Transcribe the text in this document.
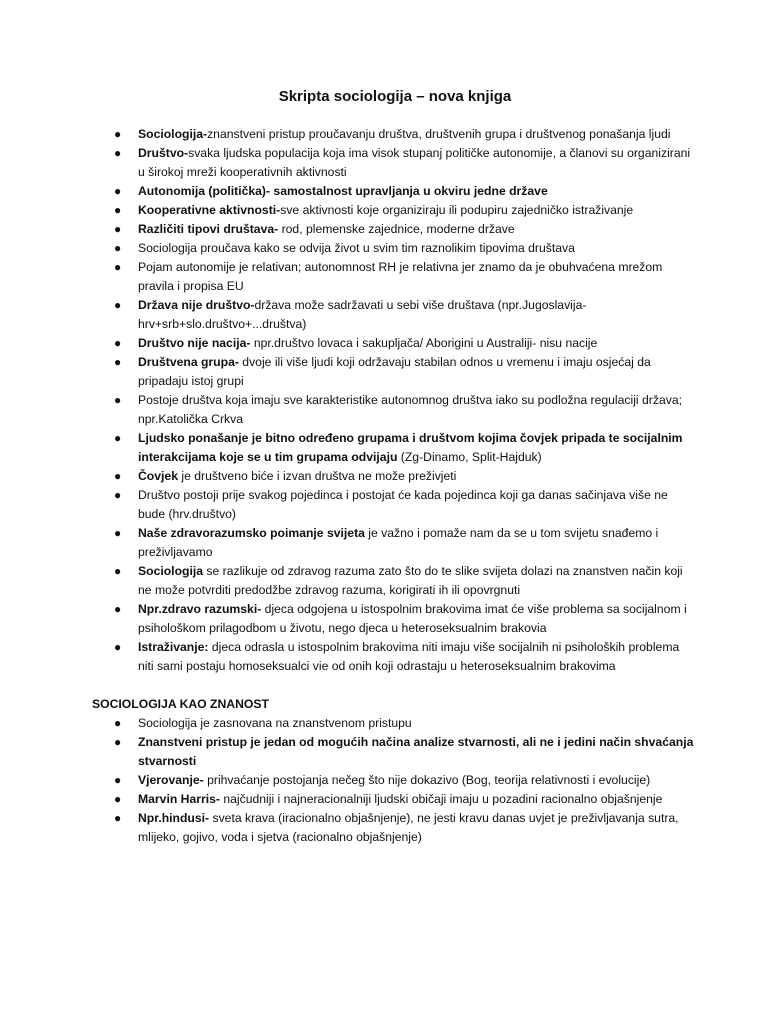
Skripta sociologija – nova knjiga
●	Sociologija-znanstveni pristup proučavanju društva, društvenih grupa i društvenog ponašanja ljudi
●	Društvo-svaka ljudska populacija koja ima visok stupanj političke autonomije, a članovi su organizirani u širokoj mreži kooperativnih aktivnosti
●	Autonomija (politička)- samostalnost upravljanja u okviru jedne države
●	Kooperativne aktivnosti-sve aktivnosti koje organiziraju ili podupiru zajedničko istraživanje
●	Različiti tipovi društava- rod, plemenske zajednice, moderne države
●	Sociologija proučava kako se odvija život u svim tim raznolikim tipovima društava
●	Pojam autonomije je relativan; autonomnost RH je relativna jer znamo da je obuhvaćena mrežom pravila i propisa EU
●	Država nije društvo-država može sadržavati u sebi više društava (npr.Jugoslavija-hrv+srb+slo.društvo+...društva)
●	Društvo nije nacija- npr.društvo lovaca i sakupljača/ Aborigini u Australiji- nisu nacije
●	Društvena grupa- dvoje ili više ljudi koji održavaju stabilan odnos u vremenu i imaju osjećaj da pripadaju istoj grupi
●	Postoje društva koja imaju sve karakteristike autonomnog društva iako su podložna regulaciji država; npr.Katolička Crkva
●	Ljudsko ponašanje je bitno određeno grupama i društvom kojima čovjek pripada te socijalnim interakcijama koje se u tim grupama odvijaju (Zg-Dinamo, Split-Hajduk)
●	Čovjek je društveno biće i izvan društva ne može preživjeti
●	Društvo postoji prije svakog pojedinca i postojat će kada pojedinca koji ga danas sačinjava više ne bude (hrv.društvo)
●	Naše zdravorazumsko poimanje svijeta je važno i pomaže nam da se u tom svijetu snađemo i preživljavamo
●	Sociologija se razlikuje od zdravog razuma zato što do te slike svijeta dolazi na znanstven način koji ne može potvrditi predodžbe zdravog razuma, korigirati ih ili opovrgnuti
●	Npr.zdravo razumski- djeca odgojena u istospolnim brakovima imat će više problema sa socijalnom i psihološkom prilagodbom u životu, nego djeca u heteroseksualnim brakovia
●	Istraživanje: djeca odrasla u istospolnim brakovima niti imaju više socijalnih ni psiholoških problema niti sami postaju homoseksualci vie od onih koji odrastaju u heteroseksualnim brakovima
SOCIOLOGIJA KAO ZNANOST
●	Sociologija je zasnovana na znanstvenom pristupu
●	Znanstveni pristup je jedan od mogućih načina analize stvarnosti, ali ne i jedini način shvaćanja stvarnosti
●	Vjerovanje- prihvaćanje postojanja nečeg što nije dokazivo (Bog, teorija relativnosti i evolucije)
●	Marvin Harris- najčudniji i najneracionalniji ljudski običaji imaju u pozadini racionalno objašnjenje
●	Npr.hindusi- sveta krava (iracionalno objašnjenje), ne jesti kravu danas uvjet je preživljavanja sutra, mlijeko, gojivo, voda i sjetva (racionalno objašnjenje)
